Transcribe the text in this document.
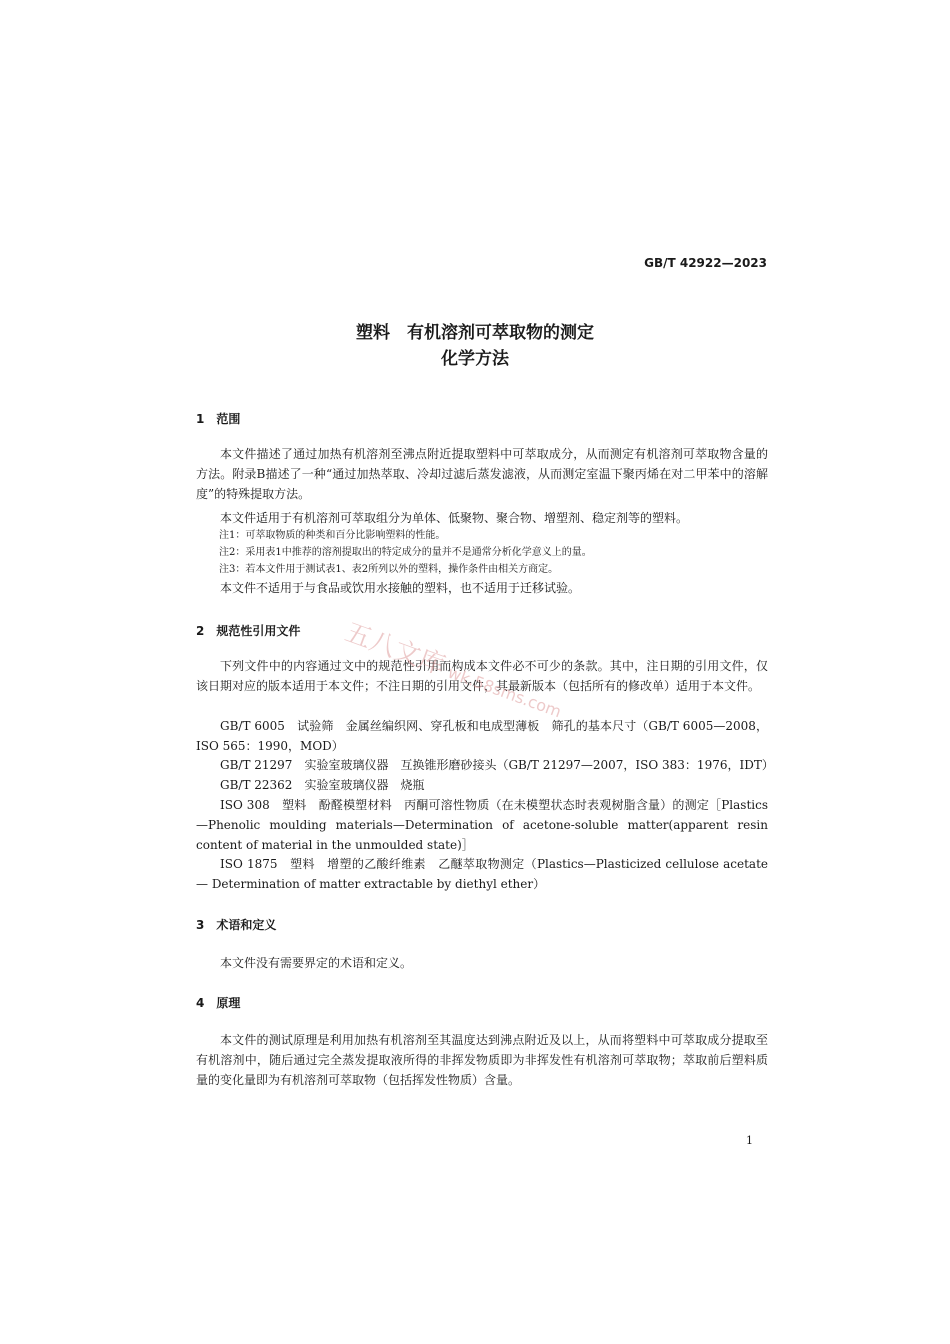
GB/T 42922—2023
塑料　有机溶剂可萃取物的测定
化学方法
1　范围
本文件描述了通过加热有机溶剂至沸点附近提取塑料中可萃取成分，从而测定有机溶剂可萃取物含量的方法。附录B描述了一种“通过加热萃取、冷却过滤后蒸发滤液，从而测定室温下聚丙烯在对二甲苯中的溶解度”的特殊提取方法。
本文件适用于有机溶剂可萃取组分为单体、低聚物、聚合物、增塑剂、稳定剂等的塑料。
注1：可萃取物质的种类和百分比影响塑料的性能。
注2：采用表1中推荐的溶剂提取出的特定成分的量并不是通常分析化学意义上的量。
注3：若本文件用于测试表1、表2所列以外的塑料，操作条件由相关方商定。
本文件不适用于与食品或饮用水接触的塑料，也不适用于迁移试验。
2　规范性引用文件
下列文件中的内容通过文中的规范性引用而构成本文件必不可少的条款。其中，注日期的引用文件，仅该日期对应的版本适用于本文件；不注日期的引用文件，其最新版本（包括所有的修改单）适用于本文件。
GB/T 6005　试验筛　金属丝编织网、穿孔板和电成型薄板　筛孔的基本尺寸（GB/T 6005—2008，ISO 565：1990，MOD）
GB/T 21297　实验室玻璃仪器　互换锥形磨砂接头（GB/T 21297—2007，ISO 383：1976，IDT）
GB/T 22362　实验室玻璃仪器　烧瓶
ISO 308　塑料　酚醛模塑材料　丙酮可溶性物质（在未模塑状态时表观树脂含量）的测定［Plastics—Phenolic moulding materials—Determination of acetone-soluble matter(apparent resin content of material in the unmoulded state)］
ISO 1875　塑料　增塑的乙酸纤维素　乙醚萃取物测定（Plastics—Plasticized cellulose acetate — Determination of matter extractable by diethyl ether）
3　术语和定义
本文件没有需要界定的术语和定义。
4　原理
本文件的测试原理是利用加热有机溶剂至其温度达到沸点附近及以上，从而将塑料中可萃取成分提取至有机溶剂中，随后通过完全蒸发提取液所得的非挥发物质即为非挥发性有机溶剂可萃取物；萃取前后塑料质量的变化量即为有机溶剂可萃取物（包括挥发性物质）含量。
五八文库wk.58sms.com
1
